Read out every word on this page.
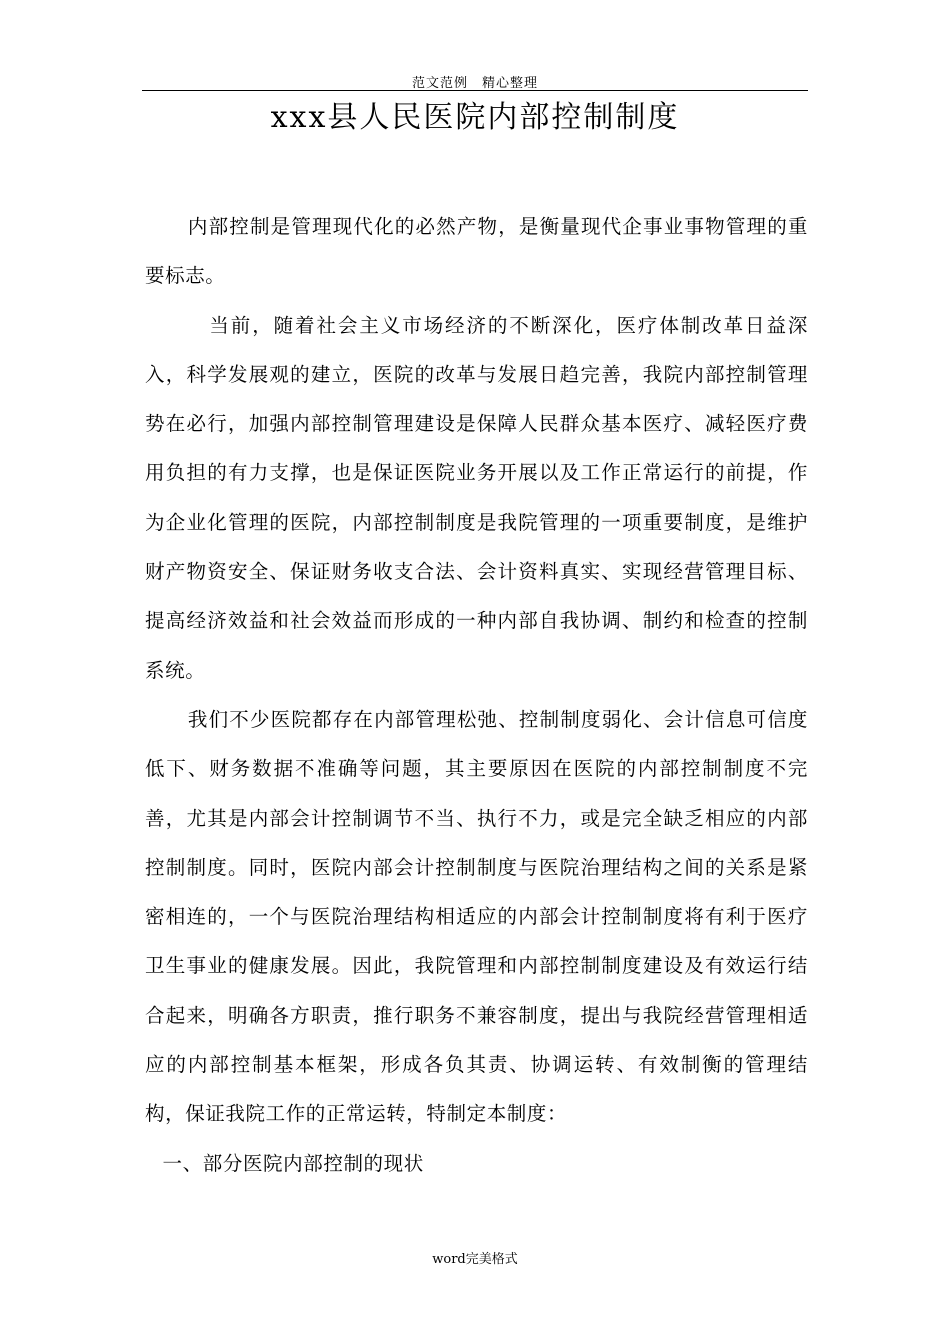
范文范例　精心整理
xxx县人民医院内部控制制度

内部控制是管理现代化的必然产物，是衡量现代企事业事物管理的重要标志。

当前，随着社会主义市场经济的不断深化，医疗体制改革日益深入，科学发展观的建立，医院的改革与发展日趋完善，我院内部控制管理势在必行，加强内部控制管理建设是保障人民群众基本医疗、减轻医疗费用负担的有力支撑，也是保证医院业务开展以及工作正常运行的前提，作为企业化管理的医院，内部控制制度是我院管理的一项重要制度，是维护财产物资安全、保证财务收支合法、会计资料真实、实现经营管理目标、提高经济效益和社会效益而形成的一种内部自我协调、制约和检查的控制系统。

我们不少医院都存在内部管理松弛、控制制度弱化、会计信息可信度低下、财务数据不准确等问题，其主要原因在医院的内部控制制度不完善，尤其是内部会计控制调节不当、执行不力，或是完全缺乏相应的内部控制制度。同时，医院内部会计控制制度与医院治理结构之间的关系是紧密相连的，一个与医院治理结构相适应的内部会计控制制度将有利于医疗卫生事业的健康发展。因此，我院管理和内部控制制度建设及有效运行结合起来，明确各方职责，推行职务不兼容制度，提出与我院经营管理相适应的内部控制基本框架，形成各负其责、协调运转、有效制衡的管理结构，保证我院工作的正常运转，特制定本制度：

一、部分医院内部控制的现状

word完美格式
